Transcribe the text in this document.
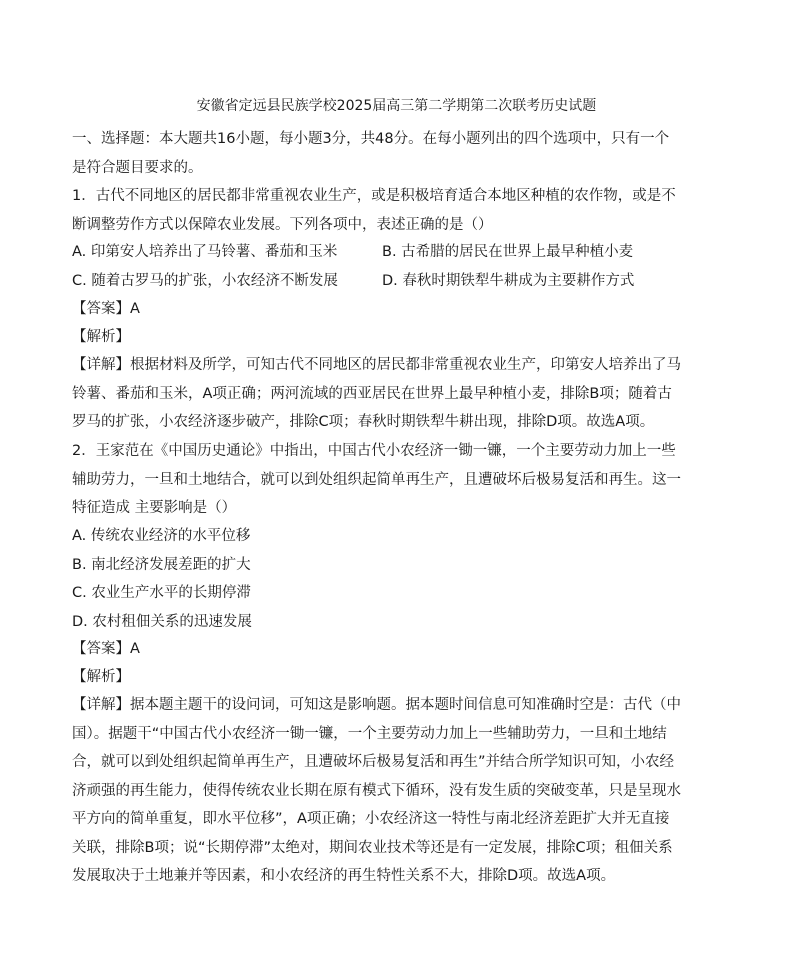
安徽省定远县民族学校2025届高三第二学期第二次联考历史试题
一、选择题：本大题共16小题，每小题3分，共48分。在每小题列出的四个选项中，只有一个是符合题目要求的。
1．古代不同地区的居民都非常重视农业生产，或是积极培育适合本地区种植的农作物，或是不断调整劳作方式以保障农业发展。下列各项中，表述正确的是（）
A. 印第安人培养出了马铃薯、番茄和玉米	B. 古希腊的居民在世界上最早种植小麦
C. 随着古罗马的扩张，小农经济不断发展	D. 春秋时期铁犁牛耕成为主要耕作方式
【答案】A
【解析】
【详解】根据材料及所学，可知古代不同地区的居民都非常重视农业生产，印第安人培养出了马铃薯、番茄和玉米，A项正确；两河流域的西亚居民在世界上最早种植小麦，排除B项；随着古罗马的扩张，小农经济逐步破产，排除C项；春秋时期铁犁牛耕出现，排除D项。故选A项。
2．王家范在《中国历史通论》中指出，中国古代小农经济一锄一镰，一个主要劳动力加上一些辅助劳力，一旦和土地结合，就可以到处组织起简单再生产，且遭破坏后极易复活和再生。这一特征造成 主要影响是（）
A. 传统农业经济的水平位移
B. 南北经济发展差距的扩大
C. 农业生产水平的长期停滞
D. 农村租佃关系的迅速发展
【答案】A
【解析】
【详解】据本题主题干的设问词，可知这是影响题。据本题时间信息可知准确时空是：古代（中国）。据题干“中国古代小农经济一锄一镰，一个主要劳动力加上一些辅助劳力，一旦和土地结合，就可以到处组织起简单再生产，且遭破坏后极易复活和再生”并结合所学知识可知，小农经济顽强的再生能力，使得传统农业长期在原有模式下循环，没有发生质的突破变革，只是呈现水平方向的简单重复，即水平位移”，A项正确；小农经济这一特性与南北经济差距扩大并无直接关联，排除B项；说“长期停滞”太绝对，期间农业技术等还是有一定发展，排除C项；租佃关系发展取决于土地兼并等因素，和小农经济的再生特性关系不大，排除D项。故选A项。
